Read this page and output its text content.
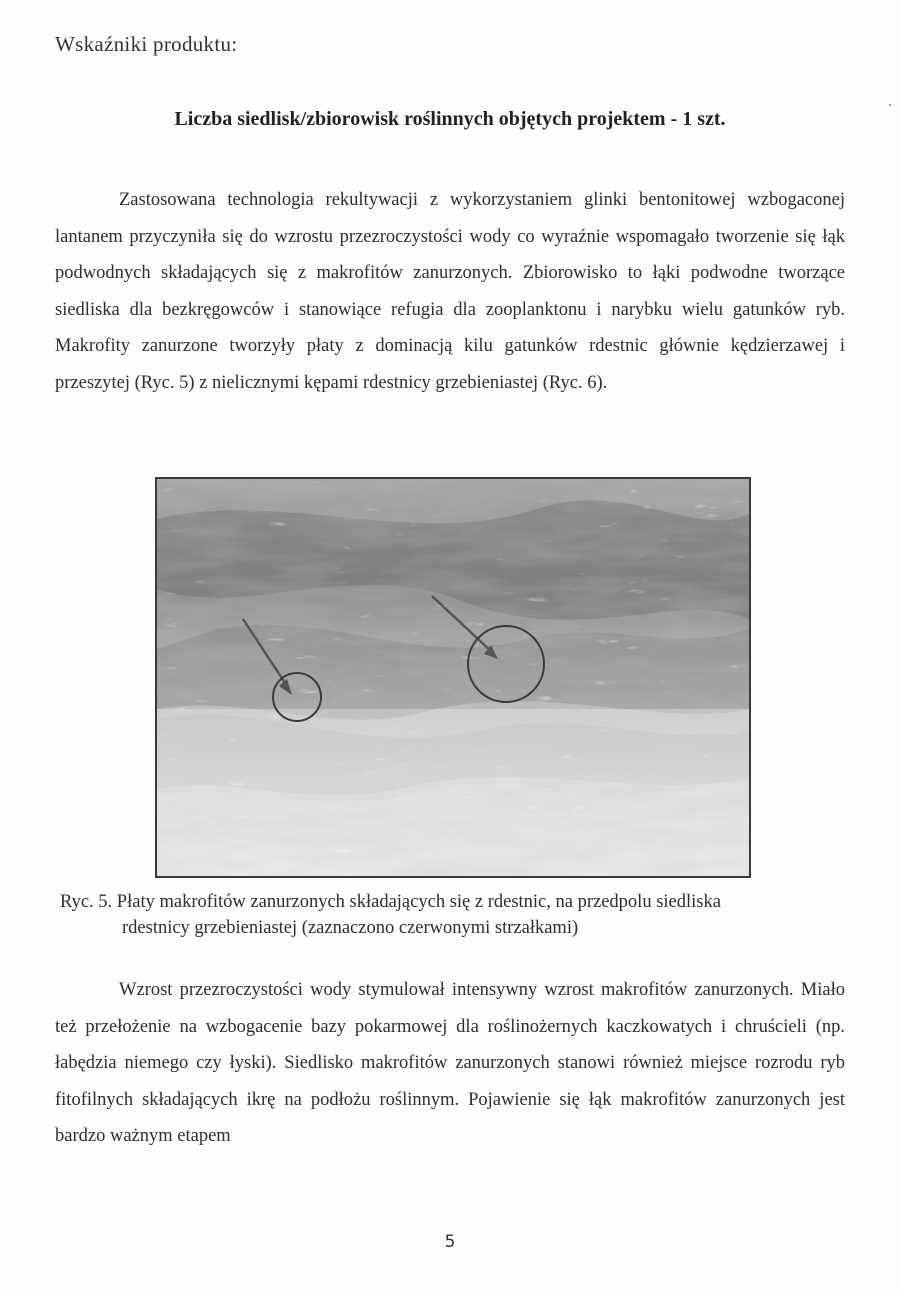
Wskaźniki produktu:
Liczba siedlisk/zbiorowisk roślinnych objętych projektem - 1 szt.

Zastosowana technologia rekultywacji z wykorzystaniem glinki bentonitowej wzbogaconej lantanem przyczyniła się do wzrostu przezroczystości wody co wyraźnie wspomagało tworzenie się łąk podwodnych składających się z makrofitów zanurzonych. Zbiorowisko to łąki podwodne tworzące siedliska dla bezkręgowców i stanowiące refugia dla zooplanktonu i narybku wielu gatunków ryb. Makrofity zanurzone tworzyły płaty z dominacją kilu gatunków rdestnic głównie kędzierzawej i przeszytej (Ryc. 5) z nielicznymi kępami rdestnicy grzebieniastej (Ryc. 6).

Ryc. 5. Płaty makrofitów zanurzonych składających się z rdestnic, na przedpolu siedliska
rdestnicy grzebieniastej (zaznaczono czerwonymi strzałkami)

Wzrost przezroczystości wody stymulował intensywny wzrost makrofitów zanurzonych. Miało też przełożenie na wzbogacenie bazy pokarmowej dla roślinożernych kaczkowatych i chruścieli (np. łabędzia niemego czy łyski). Siedlisko makrofitów zanurzonych stanowi również miejsce rozrodu ryb fitofilnych składających ikrę na podłożu roślinnym. Pojawienie się łąk makrofitów zanurzonych jest bardzo ważnym etapem

5
